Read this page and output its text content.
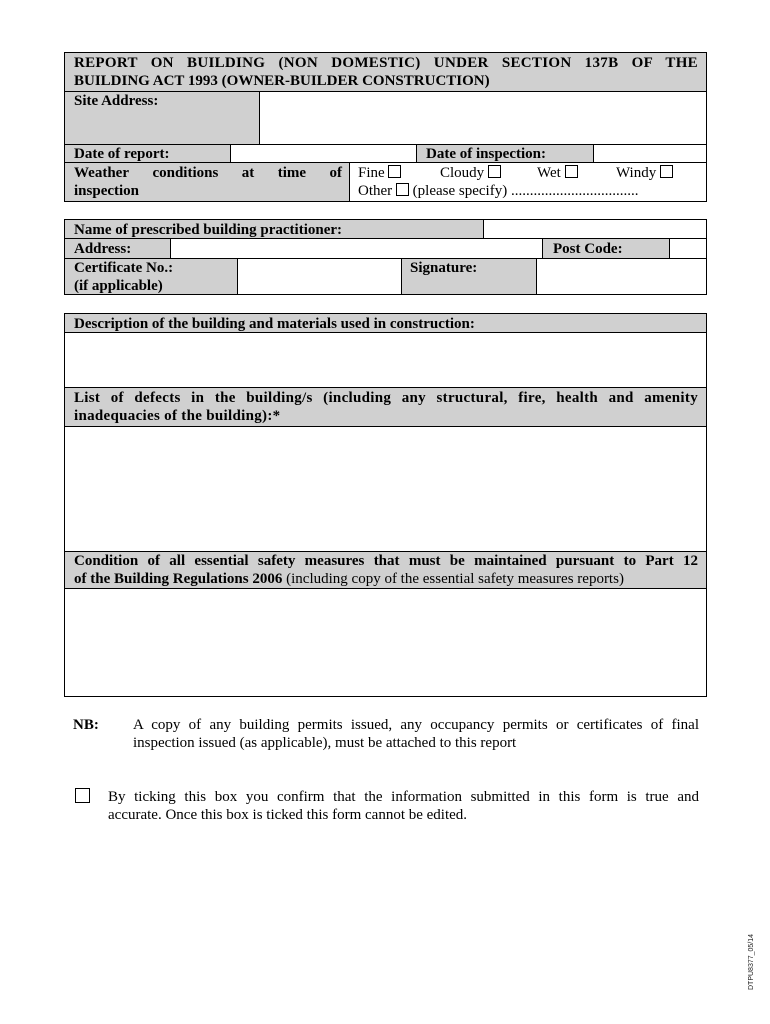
REPORT ON BUILDING (NON DOMESTIC) UNDER SECTION 137B OF THE
BUILDING ACT 1993 (OWNER-BUILDER CONSTRUCTION)
Site Address:
Date of report:	Date of inspection:
Weather conditions at time of
inspection
Fine	Cloudy	Wet	Windy
Other (please specify) ..................................
Name of prescribed building practitioner:
Address:	Post Code:
Certificate No.:
(if applicable)
Signature:
Description of the building and materials used in construction:
List of defects in the building/s (including any structural, fire, health and amenity
inadequacies of the building):*
Condition of all essential safety measures that must be maintained pursuant to Part 12
of the Building Regulations 2006 (including copy of the essential safety measures reports)
NB: A copy of any building permits issued, any occupancy permits or certificates of final
inspection issued (as applicable), must be attached to this report
By ticking this box you confirm that the information submitted in this form is true and
accurate. Once this box is ticked this form cannot be edited.
DTPU8377_05/14
